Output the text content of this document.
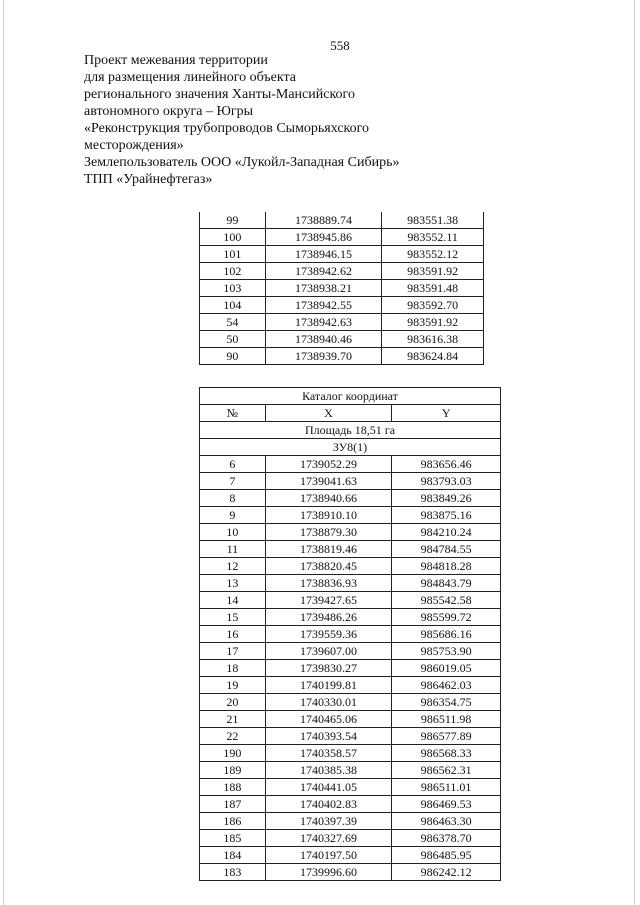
558
Проект межевания территории
для размещения линейного объекта
регионального значения Ханты-Мансийского
автономного округа – Югры
«Реконструкция трубопроводов Сыморьяхского
месторождения»
Землепользователь ООО «Лукойл-Западная Сибирь»
ТПП «Урайнефтегаз»
99	1738889.74	983551.38
100	1738945.86	983552.11
101	1738946.15	983552.12
102	1738942.62	983591.92
103	1738938.21	983591.48
104	1738942.55	983592.70
54	1738942.63	983591.92
50	1738940.46	983616.38
90	1738939.70	983624.84
Каталог координат		
№	X	Y
Площадь 18,51 га		
ЗУ8(1)		
6	1739052.29	983656.46
7	1739041.63	983793.03
8	1738940.66	983849.26
9	1738910.10	983875.16
10	1738879.30	984210.24
11	1738819.46	984784.55
12	1738820.45	984818.28
13	1738836.93	984843.79
14	1739427.65	985542.58
15	1739486.26	985599.72
16	1739559.36	985686.16
17	1739607.00	985753.90
18	1739830.27	986019.05
19	1740199.81	986462.03
20	1740330.01	986354.75
21	1740465.06	986511.98
22	1740393.54	986577.89
190	1740358.57	986568.33
189	1740385.38	986562.31
188	1740441.05	986511.01
187	1740402.83	986469.53
186	1740397.39	986463.30
185	1740327.69	986378.70
184	1740197.50	986485.95
183	1739996.60	986242.12
